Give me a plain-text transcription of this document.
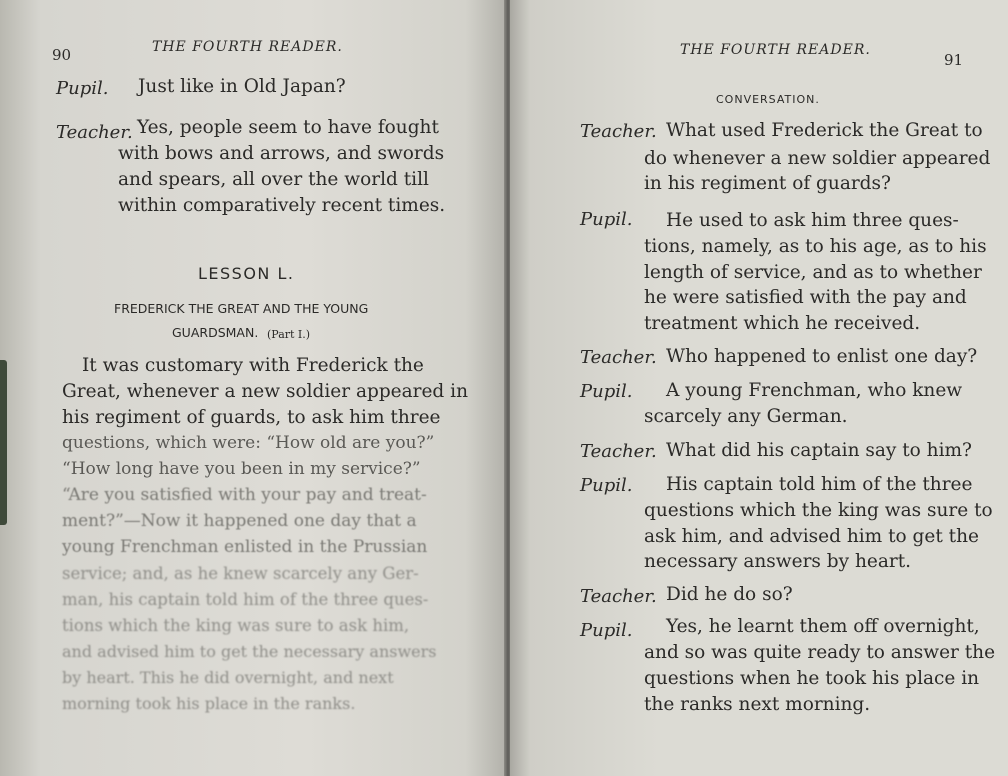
90	THE FOURTH READER.
Pupil. Just like in Old Japan?
Teacher. Yes, people seem to have fought
with bows and arrows, and swords
and spears, all over the world till
within comparatively recent times.
LESSON L.
FREDERICK THE GREAT AND THE YOUNG
GUARDSMAN. (Part I.)
It was customary with Frederick the
Great, whenever a new soldier appeared in
his regiment of guards, to ask him three
questions, which were: “How old are you?”
“How long have you been in my service?”
“Are you satisfied with your pay and treat-
ment?”—Now it happened one day that a
young Frenchman enlisted in the Prussian
service; and, as he knew scarcely any Ger-
man, his captain told him of the three ques-
tions which the king was sure to ask him,
and advised him to get the necessary answers
by heart. This he did overnight, and next
morning took his place in the ranks.
THE FOURTH READER.
91
CONVERSATION.
Teacher. What used Frederick the Great to
do whenever a new soldier appeared
in his regiment of guards?
Pupil. He used to ask him three ques-
tions, namely, as to his age, as to his
length of service, and as to whether
he were satisfied with the pay and
treatment which he received.
Teacher. Who happened to enlist one day?
Pupil. A young Frenchman, who knew
scarcely any German.
Teacher. What did his captain say to him?
Pupil. His captain told him of the three
questions which the king was sure to
ask him, and advised him to get the
necessary answers by heart.
Teacher. Did he do so?
Pupil. Yes, he learnt them off overnight,
and so was quite ready to answer the
questions when he took his place in
the ranks next morning.
